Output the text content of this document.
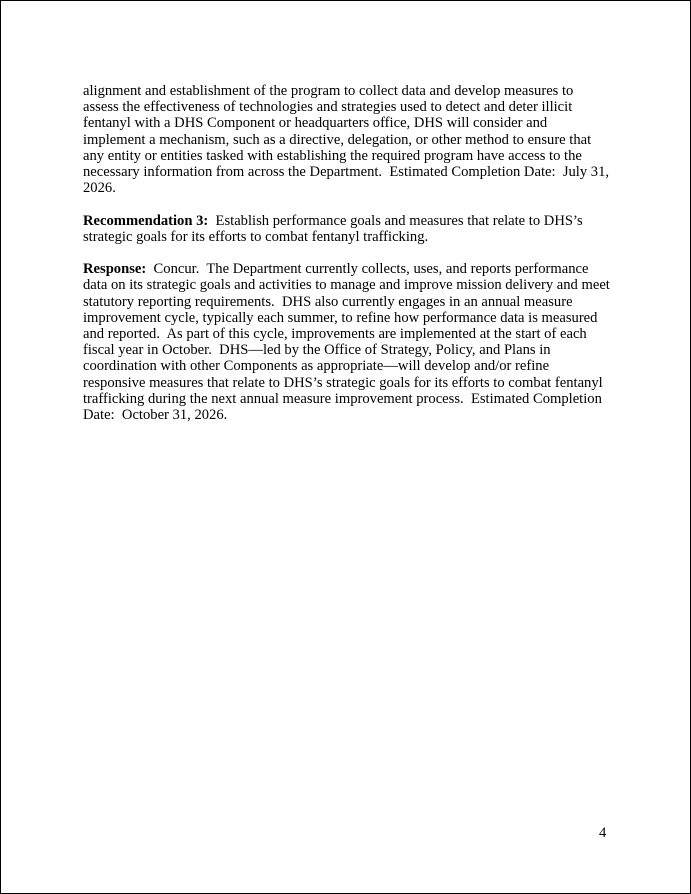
alignment and establishment of the program to collect data and develop measures to assess the effectiveness of technologies and strategies used to detect and deter illicit fentanyl with a DHS Component or headquarters office, DHS will consider and implement a mechanism, such as a directive, delegation, or other method to ensure that any entity or entities tasked with establishing the required program have access to the necessary information from across the Department.  Estimated Completion Date:  July 31, 2026.

Recommendation 3:  Establish performance goals and measures that relate to DHS’s strategic goals for its efforts to combat fentanyl trafficking.

Response:  Concur.  The Department currently collects, uses, and reports performance data on its strategic goals and activities to manage and improve mission delivery and meet statutory reporting requirements.  DHS also currently engages in an annual measure improvement cycle, typically each summer, to refine how performance data is measured and reported.  As part of this cycle, improvements are implemented at the start of each fiscal year in October.  DHS—led by the Office of Strategy, Policy, and Plans in coordination with other Components as appropriate—will develop and/or refine responsive measures that relate to DHS’s strategic goals for its efforts to combat fentanyl trafficking during the next annual measure improvement process.  Estimated Completion Date:  October 31, 2026.

4
